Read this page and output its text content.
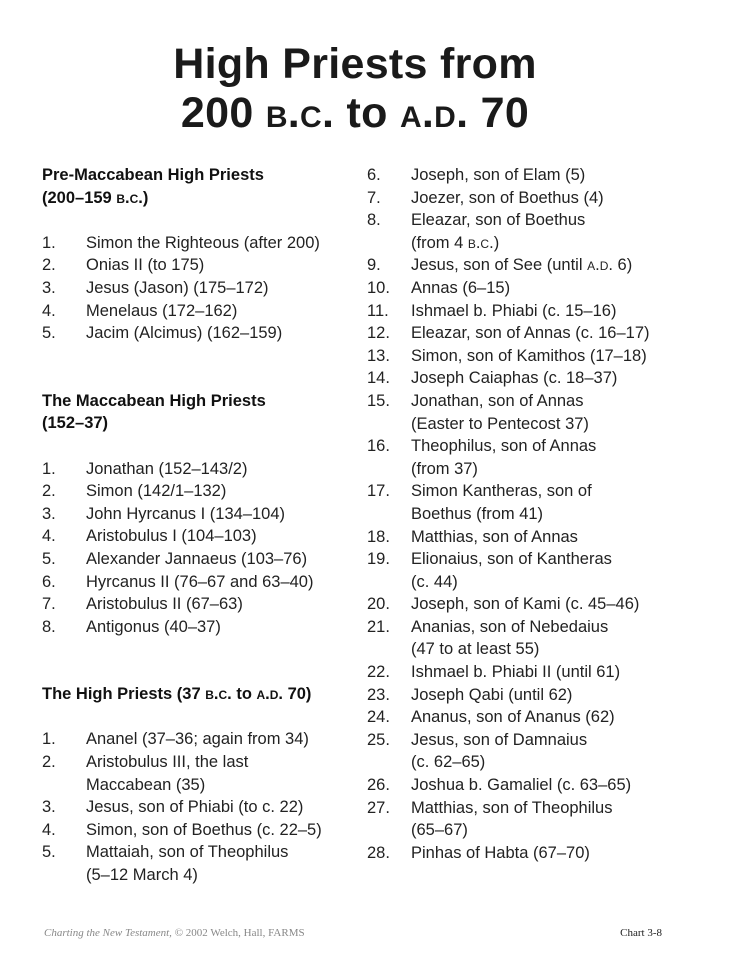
High Priests from
200 b.c. to a.d. 70
Pre-Maccabean High Priests
(200–159 b.c.)
1.	Simon the Righteous (after 200)
2.	Onias II (to 175)
3.	Jesus (Jason) (175–172)
4.	Menelaus (172–162)
5.	Jacim (Alcimus) (162–159)
The Maccabean High Priests
(152–37)
1.	Jonathan (152–143/2)
2.	Simon (142/1–132)
3.	John Hyrcanus I (134–104)
4.	Aristobulus I (104–103)
5.	Alexander Jannaeus (103–76)
6.	Hyrcanus II (76–67 and 63–40)
7.	Aristobulus II (67–63)
8.	Antigonus (40–37)
The High Priests (37 b.c. to a.d. 70)
1.	Ananel (37–36; again from 34)
2.	Aristobulus III, the last
Maccabean (35)
3.	Jesus, son of Phiabi (to c. 22)
4.	Simon, son of Boethus (c. 22–5)
5.	Mattaiah, son of Theophilus
(5–12 March 4)
6.	Joseph, son of Elam (5)
7.	Joezer, son of Boethus (4)
8.	Eleazar, son of Boethus
(from 4 b.c.)
9.	Jesus, son of See (until a.d. 6)
10.	Annas (6–15)
11.	Ishmael b. Phiabi (c. 15–16)
12.	Eleazar, son of Annas (c. 16–17)
13.	Simon, son of Kamithos (17–18)
14.	Joseph Caiaphas (c. 18–37)
15.	Jonathan, son of Annas
(Easter to Pentecost 37)
16.	Theophilus, son of Annas
(from 37)
17.	Simon Kantheras, son of
Boethus (from 41)
18.	Matthias, son of Annas
19.	Elionaius, son of Kantheras
(c. 44)
20.	Joseph, son of Kami (c. 45–46)
21.	Ananias, son of Nebedaius
(47 to at least 55)
22.	Ishmael b. Phiabi II (until 61)
23.	Joseph Qabi (until 62)
24.	Ananus, son of Ananus (62)
25.	Jesus, son of Damnaius
(c. 62–65)
26.	Joshua b. Gamaliel (c. 63–65)
27.	Matthias, son of Theophilus
(65–67)
28.	Pinhas of Habta (67–70)
Charting the New Testament, © 2002 Welch, Hall, FARMS	Chart 3-8
